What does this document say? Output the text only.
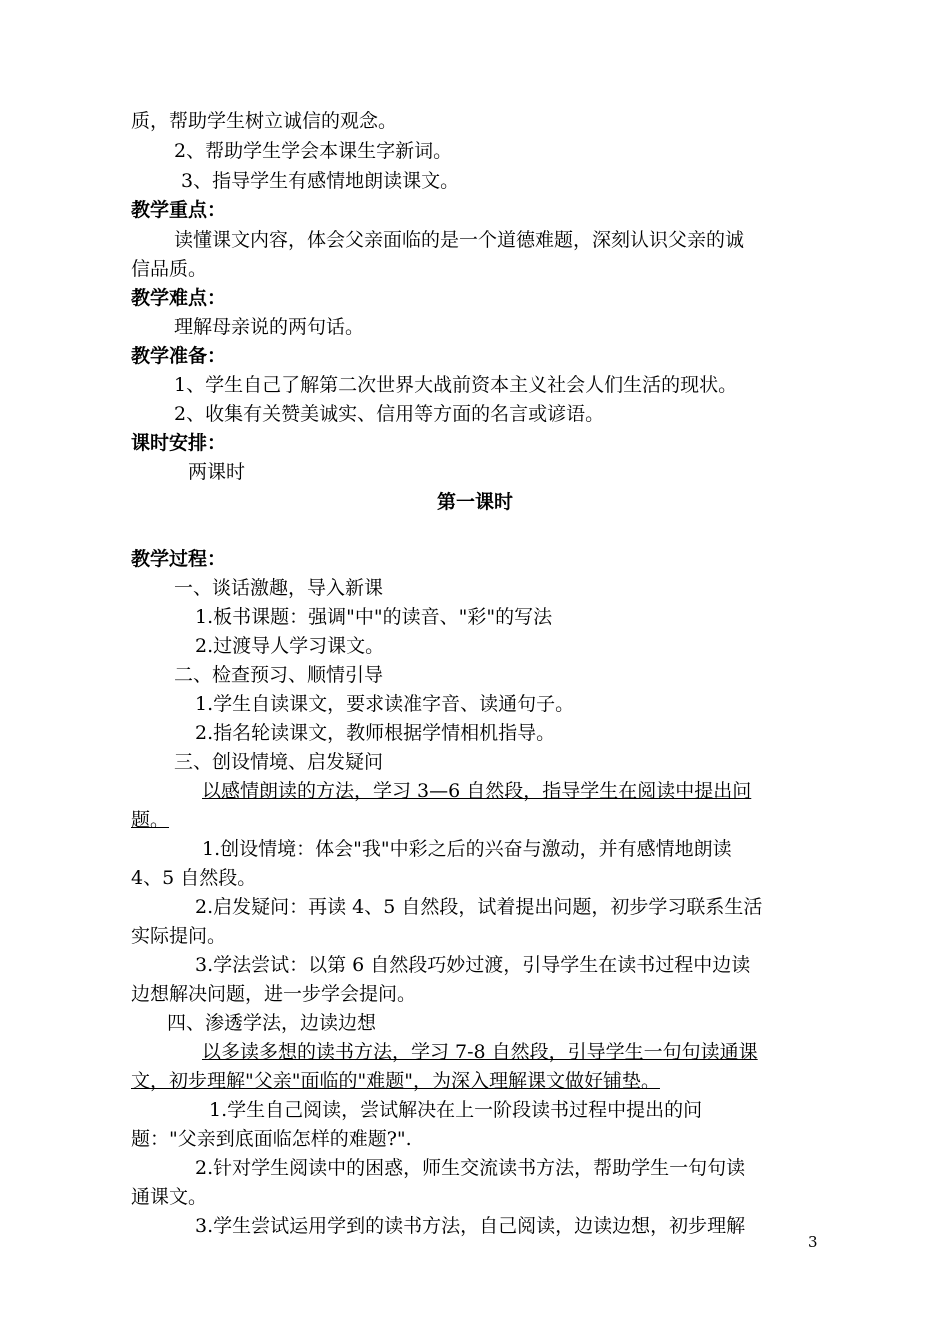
质，帮助学生树立诚信的观念。
2、帮助学生学会本课生字新词。
3、指导学生有感情地朗读课文。
教学重点：
读懂课文内容，体会父亲面临的是一个道德难题，深刻认识父亲的诚
信品质。
教学难点：
理解母亲说的两句话。
教学准备：
1、学生自己了解第二次世界大战前资本主义社会人们生活的现状。
2、收集有关赞美诚实、信用等方面的名言或谚语。
课时安排：
两课时
第一课时
教学过程：
一、谈话激趣，导入新课
1.板书课题：强调"中"的读音、"彩"的写法
2.过渡导人学习课文。
二、检查预习、顺情引导
1.学生自读课文，要求读准字音、读通句子。
2.指名轮读课文，教师根据学情相机指导。
三、创设情境、启发疑问
以感情朗读的方法，学习 3—6 自然段，指导学生在阅读中提出问
题。
1.创设情境：体会"我"中彩之后的兴奋与激动，并有感情地朗读
4、5 自然段。
2.启发疑问：再读 4、5 自然段，试着提出问题，初步学习联系生活
实际提问。
3.学法尝试：以第 6 自然段巧妙过渡，引导学生在读书过程中边读
边想解决问题，进一步学会提问。
四、渗透学法，边读边想
以多读多想的读书方法，学习 7-8 自然段，引导学生一句句读通课
文，初步理解"父亲"面临的"难题"，为深入理解课文做好铺垫。
1.学生自己阅读，尝试解决在上一阶段读书过程中提出的问
题："父亲到底面临怎样的难题?".
2.针对学生阅读中的困惑，师生交流读书方法，帮助学生一句句读
通课文。
3.学生尝试运用学到的读书方法，自己阅读，边读边想，初步理解
3
